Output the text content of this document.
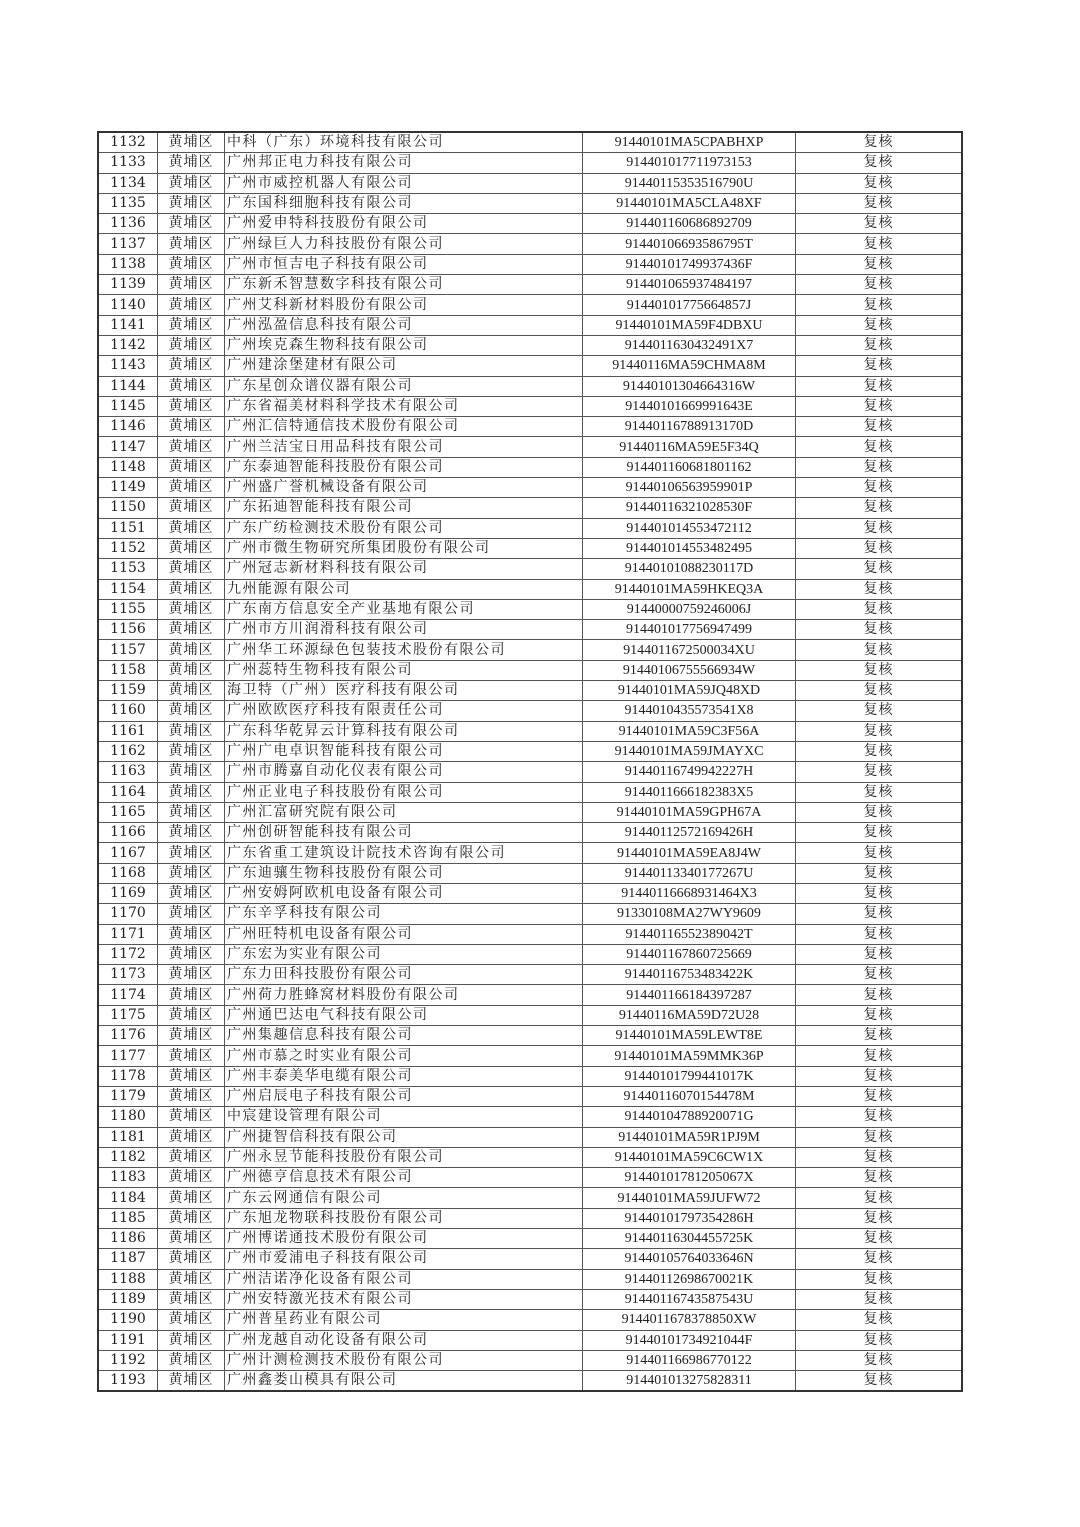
1132	黄埔区	中科（广东）环境科技有限公司	91440101MA5CPABHXP	复核
1133	黄埔区	广州邦正电力科技有限公司	914401017711973153	复核
1134	黄埔区	广州市威控机器人有限公司	91440115353516790U	复核
1135	黄埔区	广东国科细胞科技有限公司	91440101MA5CLA48XF	复核
1136	黄埔区	广州爱申特科技股份有限公司	914401160686892709	复核
1137	黄埔区	广州绿巨人力科技股份有限公司	91440106693586795T	复核
1138	黄埔区	广州市恒吉电子科技有限公司	91440101749937436F	复核
1139	黄埔区	广东新禾智慧数字科技有限公司	914401065937484197	复核
1140	黄埔区	广州艾科新材料股份有限公司	91440101775664857J	复核
1141	黄埔区	广州泓盈信息科技有限公司	91440101MA59F4DBXU	复核
1142	黄埔区	广州埃克森生物科技有限公司	9144011630432491X7	复核
1143	黄埔区	广州建涂堡建材有限公司	91440116MA59CHMA8M	复核
1144	黄埔区	广东星创众谱仪器有限公司	91440101304664316W	复核
1145	黄埔区	广东省福美材料科学技术有限公司	91440101669991643E	复核
1146	黄埔区	广州汇信特通信技术股份有限公司	91440116788913170D	复核
1147	黄埔区	广州兰洁宝日用品科技有限公司	91440116MA59E5F34Q	复核
1148	黄埔区	广东泰迪智能科技股份有限公司	914401160681801162	复核
1149	黄埔区	广州盛广誉机械设备有限公司	91440106563959901P	复核
1150	黄埔区	广东拓迪智能科技有限公司	91440116321028530F	复核
1151	黄埔区	广东广纺检测技术股份有限公司	914401014553472112	复核
1152	黄埔区	广州市微生物研究所集团股份有限公司	914401014553482495	复核
1153	黄埔区	广州冠志新材料科技有限公司	91440101088230117D	复核
1154	黄埔区	九州能源有限公司	91440101MA59HKEQ3A	复核
1155	黄埔区	广东南方信息安全产业基地有限公司	91440000759246006J	复核
1156	黄埔区	广州市方川润滑科技有限公司	914401017756947499	复核
1157	黄埔区	广州华工环源绿色包装技术股份有限公司	9144011672500034XU	复核
1158	黄埔区	广州蕊特生物科技有限公司	91440106755566934W	复核
1159	黄埔区	海卫特（广州）医疗科技有限公司	91440101MA59JQ48XD	复核
1160	黄埔区	广州欧欧医疗科技有限责任公司	9144010435573541X8	复核
1161	黄埔区	广东科华乾昇云计算科技有限公司	91440101MA59C3F56A	复核
1162	黄埔区	广州广电卓识智能科技有限公司	91440101MA59JMAYXC	复核
1163	黄埔区	广州市腾嘉自动化仪表有限公司	91440116749942227H	复核
1164	黄埔区	广州正业电子科技股份有限公司	9144011666182383X5	复核
1165	黄埔区	广州汇富研究院有限公司	91440101MA59GPH67A	复核
1166	黄埔区	广州创研智能科技有限公司	91440112572169426H	复核
1167	黄埔区	广东省重工建筑设计院技术咨询有限公司	91440101MA59EA8J4W	复核
1168	黄埔区	广东迪骧生物科技股份有限公司	91440113340177267U	复核
1169	黄埔区	广州安姆阿欧机电设备有限公司	91440116668931464X3	复核
1170	黄埔区	广东辛孚科技有限公司	91330108MA27WY9609	复核
1171	黄埔区	广州旺特机电设备有限公司	91440116552389042T	复核
1172	黄埔区	广东宏为实业有限公司	914401167860725669	复核
1173	黄埔区	广东力田科技股份有限公司	91440116753483422K	复核
1174	黄埔区	广州荷力胜蜂窝材料股份有限公司	914401166184397287	复核
1175	黄埔区	广州通巴达电气科技有限公司	91440116MA59D72U28	复核
1176	黄埔区	广州集趣信息科技有限公司	91440101MA59LEWT8E	复核
1177	黄埔区	广州市慕之时实业有限公司	91440101MA59MMK36P	复核
1178	黄埔区	广州丰泰美华电缆有限公司	91440101799441017K	复核
1179	黄埔区	广州启辰电子科技有限公司	91440116070154478M	复核
1180	黄埔区	中宸建设管理有限公司	91440104788920071G	复核
1181	黄埔区	广州捷智信科技有限公司	91440101MA59R1PJ9M	复核
1182	黄埔区	广州永昱节能科技股份有限公司	91440101MA59C6CW1X	复核
1183	黄埔区	广州德亨信息技术有限公司	91440101781205067X	复核
1184	黄埔区	广东云网通信有限公司	91440101MA59JUFW72	复核
1185	黄埔区	广东旭龙物联科技股份有限公司	91440101797354286H	复核
1186	黄埔区	广州博诺通技术股份有限公司	91440116304455725K	复核
1187	黄埔区	广州市爱浦电子科技有限公司	91440105764033646N	复核
1188	黄埔区	广州洁诺净化设备有限公司	91440112698670021K	复核
1189	黄埔区	广州安特激光技术有限公司	91440116743587543U	复核
1190	黄埔区	广州普星药业有限公司	9144011678378850XW	复核
1191	黄埔区	广州龙越自动化设备有限公司	91440101734921044F	复核
1192	黄埔区	广州计测检测技术股份有限公司	914401166986770122	复核
1193	黄埔区	广州鑫娄山模具有限公司	914401013275828311	复核
